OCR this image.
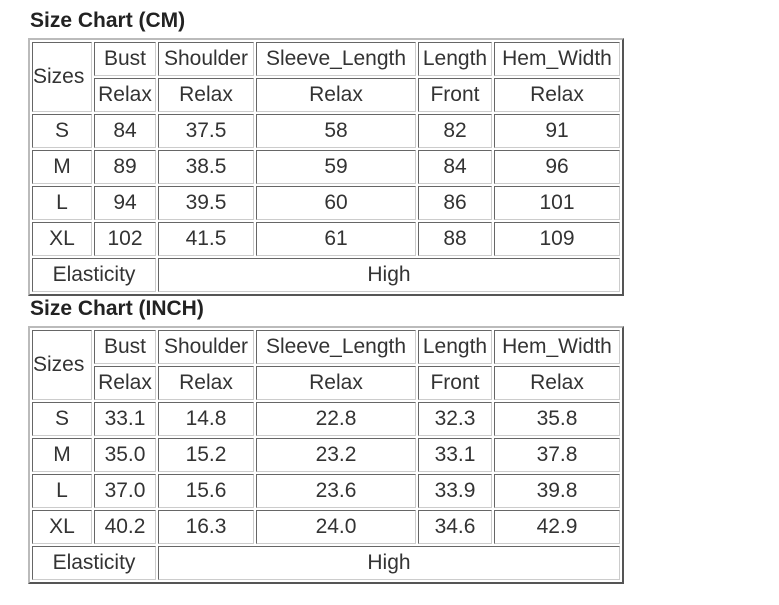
Size Chart (CM)
Sizes	Bust	Shoulder	Sleeve_Length	Length	Hem_Width
	Relax	Relax	Relax	Front	Relax
S	84	37.5	58	82	91
M	89	38.5	59	84	96
L	94	39.5	60	86	101
XL	102	41.5	61	88	109
Elasticity		High			
Size Chart (INCH)
Sizes	Bust	Shoulder	Sleeve_Length	Length	Hem_Width
	Relax	Relax	Relax	Front	Relax
S	33.1	14.8	22.8	32.3	35.8
M	35.0	15.2	23.2	33.1	37.8
L	37.0	15.6	23.6	33.9	39.8
XL	40.2	16.3	24.0	34.6	42.9
Elasticity		High			
